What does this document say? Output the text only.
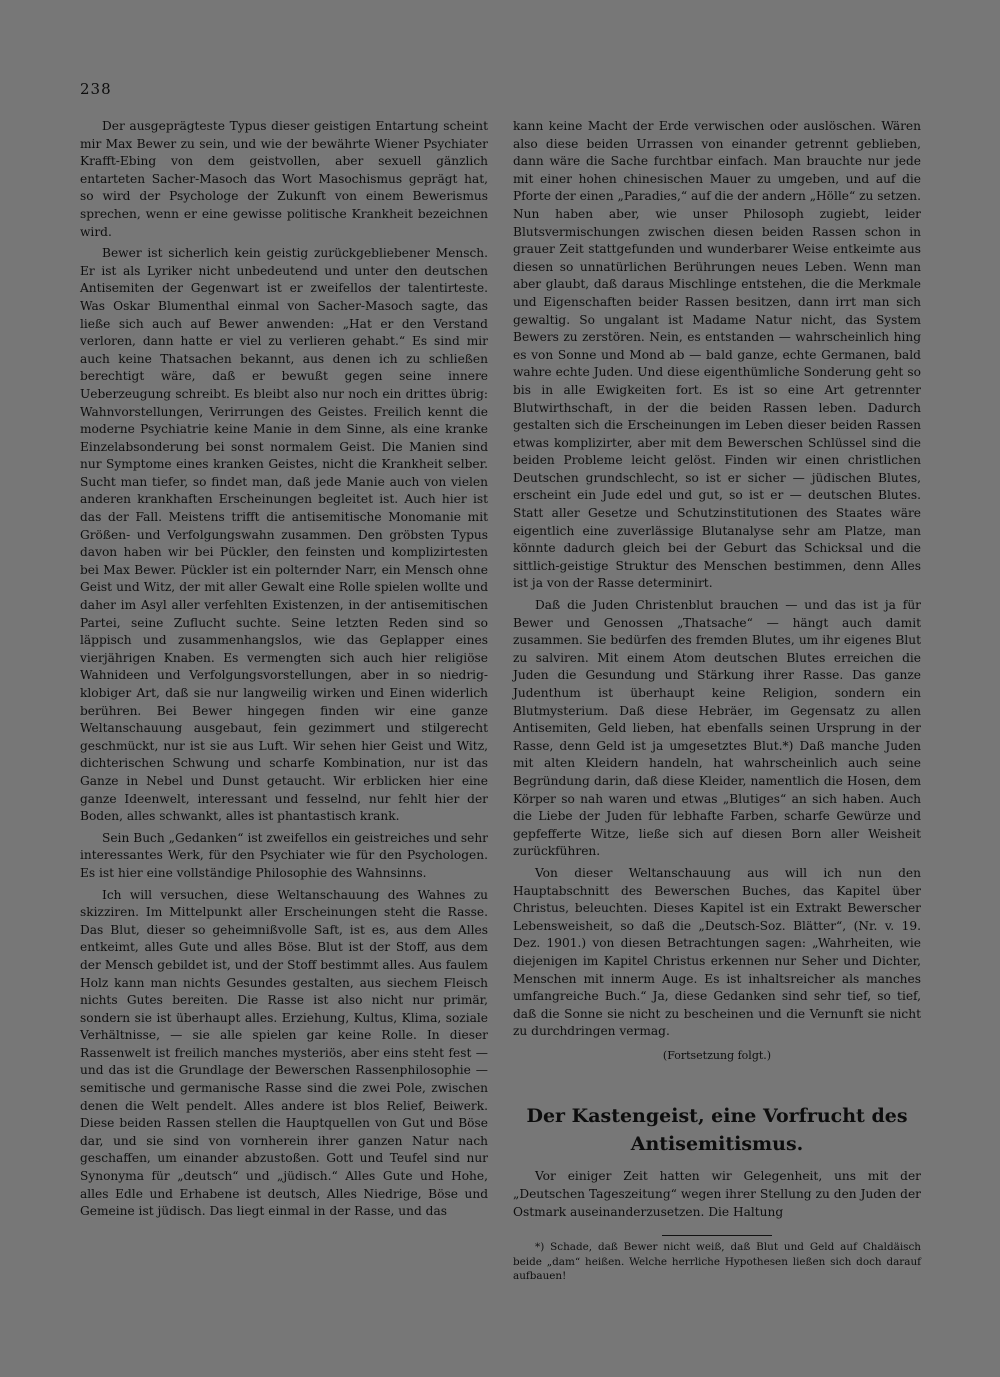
238

Der ausgeprägteste Typus dieser geistigen Entartung scheint mir Max Bewer zu sein, und wie der bewährte Wiener Psychiater Krafft-Ebing von dem geistvollen, aber sexuell gänzlich entarteten Sacher-Masoch das Wort Masochismus geprägt hat, so wird der Psychologe der Zukunft von einem Bewerismus sprechen, wenn er eine gewisse politische Krankheit bezeichnen wird.

Bewer ist sicherlich kein geistig zurückgebliebener Mensch. Er ist als Lyriker nicht unbedeutend und unter den deutschen Antisemiten der Gegenwart ist er zweifellos der talentirteste. Was Oskar Blumenthal einmal von Sacher-Masoch sagte, das ließe sich auch auf Bewer anwenden: „Hat er den Verstand verloren, dann hatte er viel zu verlieren gehabt.“ Es sind mir auch keine Thatsachen bekannt, aus denen ich zu schließen berechtigt wäre, daß er bewußt gegen seine innere Ueberzeugung schreibt. Es bleibt also nur noch ein drittes übrig: Wahnvorstellungen, Verirrungen des Geistes. Freilich kennt die moderne Psychiatrie keine Manie in dem Sinne, als eine kranke Einzelabsonderung bei sonst normalem Geist. Die Manien sind nur Symptome eines kranken Geistes, nicht die Krankheit selber. Sucht man tiefer, so findet man, daß jede Manie auch von vielen anderen krankhaften Erscheinungen begleitet ist. Auch hier ist das der Fall. Meistens trifft die antisemitische Monomanie mit Größen- und Verfolgungswahn zusammen. Den gröbsten Typus davon haben wir bei Pückler, den feinsten und komplizirtesten bei Max Bewer. Pückler ist ein polternder Narr, ein Mensch ohne Geist und Witz, der mit aller Gewalt eine Rolle spielen wollte und daher im Asyl aller verfehlten Existenzen, in der antisemitischen Partei, seine Zuflucht suchte. Seine letzten Reden sind so läppisch und zusammenhangslos, wie das Geplapper eines vierjährigen Knaben. Es vermengten sich auch hier religiöse Wahnideen und Verfolgungsvorstellungen, aber in so niedrig-klobiger Art, daß sie nur langweilig wirken und Einen widerlich berühren. Bei Bewer hingegen finden wir eine ganze Weltanschauung ausgebaut, fein gezimmert und stilgerecht geschmückt, nur ist sie aus Luft. Wir sehen hier Geist und Witz, dichterischen Schwung und scharfe Kombination, nur ist das Ganze in Nebel und Dunst getaucht. Wir erblicken hier eine ganze Ideenwelt, interessant und fesselnd, nur fehlt hier der Boden, alles schwankt, alles ist phantastisch krank.

Sein Buch „Gedanken“ ist zweifellos ein geistreiches und sehr interessantes Werk, für den Psychiater wie für den Psychologen. Es ist hier eine vollständige Philosophie des Wahnsinns.

Ich will versuchen, diese Weltanschauung des Wahnes zu skizziren. Im Mittelpunkt aller Erscheinungen steht die Rasse. Das Blut, dieser so geheimnißvolle Saft, ist es, aus dem Alles entkeimt, alles Gute und alles Böse. Blut ist der Stoff, aus dem der Mensch gebildet ist, und der Stoff bestimmt alles. Aus faulem Holz kann man nichts Gesundes gestalten, aus siechem Fleisch nichts Gutes bereiten. Die Rasse ist also nicht nur primär, sondern sie ist überhaupt alles. Erziehung, Kultus, Klima, soziale Verhältnisse, — sie alle spielen gar keine Rolle. In dieser Rassenwelt ist freilich manches mysteriös, aber eins steht fest — und das ist die Grundlage der Bewerschen Rassenphilosophie — semitische und germanische Rasse sind die zwei Pole, zwischen denen die Welt pendelt. Alles andere ist blos Relief, Beiwerk. Diese beiden Rassen stellen die Hauptquellen von Gut und Böse dar, und sie sind von vornherein ihrer ganzen Natur nach geschaffen, um einander abzustoßen. Gott und Teufel sind nur Synonyma für „deutsch“ und „jüdisch.“ Alles Gute und Hohe, alles Edle und Erhabene ist deutsch, Alles Niedrige, Böse und Gemeine ist jüdisch. Das liegt einmal in der Rasse, und das

kann keine Macht der Erde verwischen oder auslöschen. Wären also diese beiden Urrassen von einander getrennt geblieben, dann wäre die Sache furchtbar einfach. Man brauchte nur jede mit einer hohen chinesischen Mauer zu umgeben, und auf die Pforte der einen „Paradies,“ auf die der andern „Hölle“ zu setzen. Nun haben aber, wie unser Philosoph zugiebt, leider Blutsvermischungen zwischen diesen beiden Rassen schon in grauer Zeit stattgefunden und wunderbarer Weise entkeimte aus diesen so unnatürlichen Berührungen neues Leben. Wenn man aber glaubt, daß daraus Mischlinge entstehen, die die Merkmale und Eigenschaften beider Rassen besitzen, dann irrt man sich gewaltig. So ungalant ist Madame Natur nicht, das System Bewers zu zerstören. Nein, es entstanden — wahrscheinlich hing es von Sonne und Mond ab — bald ganze, echte Germanen, bald wahre echte Juden. Und diese eigenthümliche Sonderung geht so bis in alle Ewigkeiten fort. Es ist so eine Art getrennter Blutwirthschaft, in der die beiden Rassen leben. Dadurch gestalten sich die Erscheinungen im Leben dieser beiden Rassen etwas komplizirter, aber mit dem Bewerschen Schlüssel sind die beiden Probleme leicht gelöst. Finden wir einen christlichen Deutschen grundschlecht, so ist er sicher — jüdischen Blutes, erscheint ein Jude edel und gut, so ist er — deutschen Blutes. Statt aller Gesetze und Schutzinstitutionen des Staates wäre eigentlich eine zuverlässige Blutanalyse sehr am Platze, man könnte dadurch gleich bei der Geburt das Schicksal und die sittlich-geistige Struktur des Menschen bestimmen, denn Alles ist ja von der Rasse determinirt.

Daß die Juden Christenblut brauchen — und das ist ja für Bewer und Genossen „Thatsache“ — hängt auch damit zusammen. Sie bedürfen des fremden Blutes, um ihr eigenes Blut zu salviren. Mit einem Atom deutschen Blutes erreichen die Juden die Gesundung und Stärkung ihrer Rasse. Das ganze Judenthum ist überhaupt keine Religion, sondern ein Blutmysterium. Daß diese Hebräer, im Gegensatz zu allen Antisemiten, Geld lieben, hat ebenfalls seinen Ursprung in der Rasse, denn Geld ist ja umgesetztes Blut.*) Daß manche Juden mit alten Kleidern handeln, hat wahrscheinlich auch seine Begründung darin, daß diese Kleider, namentlich die Hosen, dem Körper so nah waren und etwas „Blutiges“ an sich haben. Auch die Liebe der Juden für lebhafte Farben, scharfe Gewürze und gepfefferte Witze, ließe sich auf diesen Born aller Weisheit zurückführen.

Von dieser Weltanschauung aus will ich nun den Hauptabschnitt des Bewerschen Buches, das Kapitel über Christus, beleuchten. Dieses Kapitel ist ein Extrakt Bewerscher Lebensweisheit, so daß die „Deutsch-Soz. Blätter“, (Nr. v. 19. Dez. 1901.) von diesen Betrachtungen sagen: „Wahrheiten, wie diejenigen im Kapitel Christus erkennen nur Seher und Dichter, Menschen mit innerm Auge. Es ist inhaltsreicher als manches umfangreiche Buch.“ Ja, diese Gedanken sind sehr tief, so tief, daß die Sonne sie nicht zu bescheinen und die Vernunft sie nicht zu durchdringen vermag.

(Fortsetzung folgt.)
Der Kastengeist, eine Vorfrucht des Antisemitismus.

Vor einiger Zeit hatten wir Gelegenheit, uns mit der „Deutschen Tageszeitung“ wegen ihrer Stellung zu den Juden der Ostmark auseinanderzusetzen. Die Haltung

*) Schade, daß Bewer nicht weiß, daß Blut und Geld auf Chaldäisch beide „dam“ heißen. Welche herrliche Hypothesen ließen sich doch darauf aufbauen!
